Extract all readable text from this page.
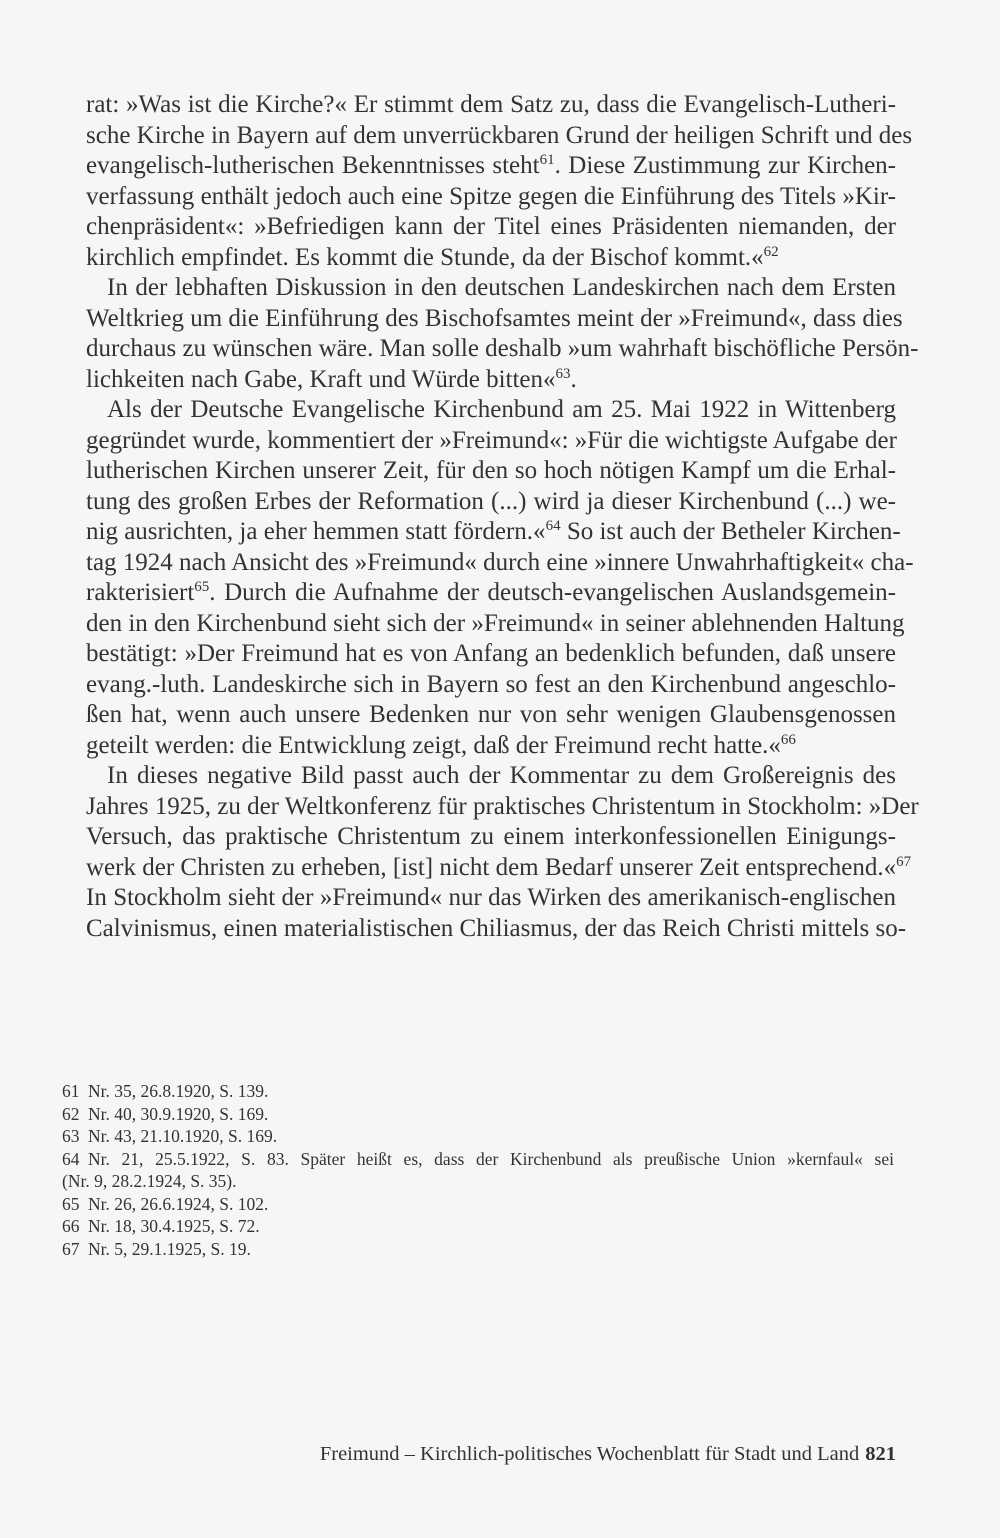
rat: »Was ist die Kirche?« Er stimmt dem Satz zu, dass die Evangelisch-Lutheri-
sche Kirche in Bayern auf dem unverrückbaren Grund der heiligen Schrift und des
evangelisch-lutherischen Bekenntnisses steht$^{61}$. Diese Zustimmung zur Kirchen-
verfassung enthält jedoch auch eine Spitze gegen die Einführung des Titels »Kir-
chenpräsident«: »Befriedigen kann der Titel eines Präsidenten niemanden, der
kirchlich empfindet. Es kommt die Stunde, da der Bischof kommt.«$^{62}$
In der lebhaften Diskussion in den deutschen Landeskirchen nach dem Ersten
Weltkrieg um die Einführung des Bischofsamtes meint der »Freimund«, dass dies
durchaus zu wünschen wäre. Man solle deshalb »um wahrhaft bischöfliche Persön-
lichkeiten nach Gabe, Kraft und Würde bitten«$^{63}$.
Als der Deutsche Evangelische Kirchenbund am 25. Mai 1922 in Wittenberg
gegründet wurde, kommentiert der »Freimund«: »Für die wichtigste Aufgabe der
lutherischen Kirchen unserer Zeit, für den so hoch nötigen Kampf um die Erhal-
tung des großen Erbes der Reformation (...) wird ja dieser Kirchenbund (...) we-
nig ausrichten, ja eher hemmen statt fördern.«$^{64}$ So ist auch der Betheler Kirchen-
tag 1924 nach Ansicht des »Freimund« durch eine »innere Unwahrhaftigkeit« cha-
rakterisiert$^{65}$. Durch die Aufnahme der deutsch-evangelischen Auslandsgemein-
den in den Kirchenbund sieht sich der »Freimund« in seiner ablehnenden Haltung
bestätigt: »Der Freimund hat es von Anfang an bedenklich befunden, daß unsere
evang.-luth. Landeskirche sich in Bayern so fest an den Kirchenbund angeschlo-
ßen hat, wenn auch unsere Bedenken nur von sehr wenigen Glaubensgenossen
geteilt werden: die Entwicklung zeigt, daß der Freimund recht hatte.«$^{66}$
In dieses negative Bild passt auch der Kommentar zu dem Großereignis des
Jahres 1925, zu der Weltkonferenz für praktisches Christentum in Stockholm: »Der
Versuch, das praktische Christentum zu einem interkonfessionellen Einigungs-
werk der Christen zu erheben, [ist] nicht dem Bedarf unserer Zeit entsprechend.«$^{67}$
In Stockholm sieht der »Freimund« nur das Wirken des amerikanisch-englischen
Calvinismus, einen materialistischen Chiliasmus, der das Reich Christi mittels so-
61 Nr. 35, 26.8.1920, S. 139.
62 Nr. 40, 30.9.1920, S. 169.
63 Nr. 43, 21.10.1920, S. 169.
64 Nr. 21, 25.5.1922, S. 83. Später heißt es, dass der Kirchenbund als preußische Union »kernfaul« sei
(Nr. 9, 28.2.1924, S. 35).
65 Nr. 26, 26.6.1924, S. 102.
66 Nr. 18, 30.4.1925, S. 72.
67 Nr. 5, 29.1.1925, S. 19.
Freimund – Kirchlich-politisches Wochenblatt für Stadt und Land 821
